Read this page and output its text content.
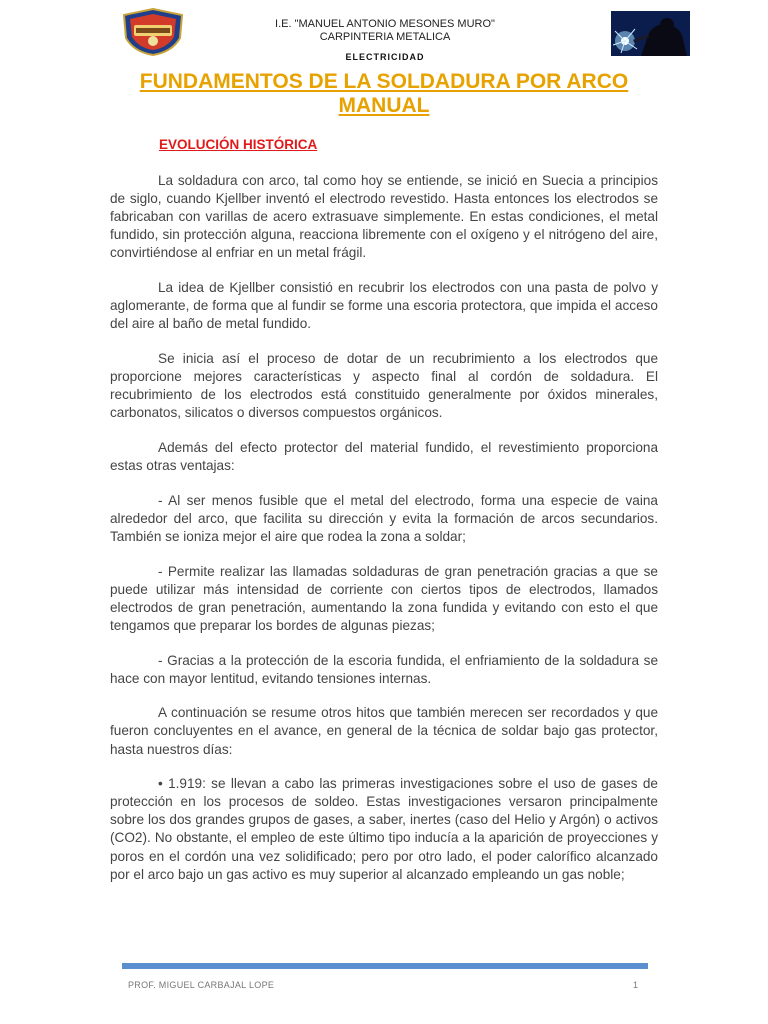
I.E. "MANUEL ANTONIO MESONES MURO"
CARPINTERIA METALICA
ELECTRICIDAD
FUNDAMENTOS DE LA SOLDADURA POR ARCO MANUAL
EVOLUCIÓN HISTÓRICA

La soldadura con arco, tal como hoy se entiende, se inició en Suecia a principios de siglo, cuando Kjellber inventó el electrodo revestido. Hasta entonces los electrodos se fabricaban con varillas de acero extrasuave simplemente. En estas condiciones, el metal fundido, sin protección alguna, reacciona libremente con el oxígeno y el nitrógeno del aire, convirtiéndose al enfriar en un metal frágil.

La idea de Kjellber consistió en recubrir los electrodos con una pasta de polvo y aglomerante, de forma que al fundir se forme una escoria protectora, que impida el acceso del aire al baño de metal fundido.

Se inicia así el proceso de dotar de un recubrimiento a los electrodos que proporcione mejores características y aspecto final al cordón de soldadura. El recubrimiento de los electrodos está constituido generalmente por óxidos minerales, carbonatos, silicatos o diversos compuestos orgánicos.

Además del efecto protector del material fundido, el revestimiento proporciona estas otras ventajas:

- Al ser menos fusible que el metal del electrodo, forma una especie de vaina alrededor del arco, que facilita su dirección y evita la formación de arcos secundarios. También se ioniza mejor el aire que rodea la zona a soldar;

- Permite realizar las llamadas soldaduras de gran penetración gracias a que se puede utilizar más intensidad de corriente con ciertos tipos de electrodos, llamados electrodos de gran penetración, aumentando la zona fundida y evitando con esto el que tengamos que preparar los bordes de algunas piezas;

- Gracias a la protección de la escoria fundida, el enfriamiento de la soldadura se hace con mayor lentitud, evitando tensiones internas.

A continuación se resume otros hitos que también merecen ser recordados y que fueron concluyentes en el avance, en general de la técnica de soldar bajo gas protector, hasta nuestros días:

• 1.919: se llevan a cabo las primeras investigaciones sobre el uso de gases de protección en los procesos de soldeo. Estas investigaciones versaron principalmente sobre los dos grandes grupos de gases, a saber, inertes (caso del Helio y Argón) o activos (CO2). No obstante, el empleo de este último tipo inducía a la aparición de proyecciones y poros en el cordón una vez solidificado; pero por otro lado, el poder calorífico alcanzado por el arco bajo un gas activo es muy superior al alcanzado empleando un gas noble;

PROF. MIGUEL CARBAJAL LOPE	1
